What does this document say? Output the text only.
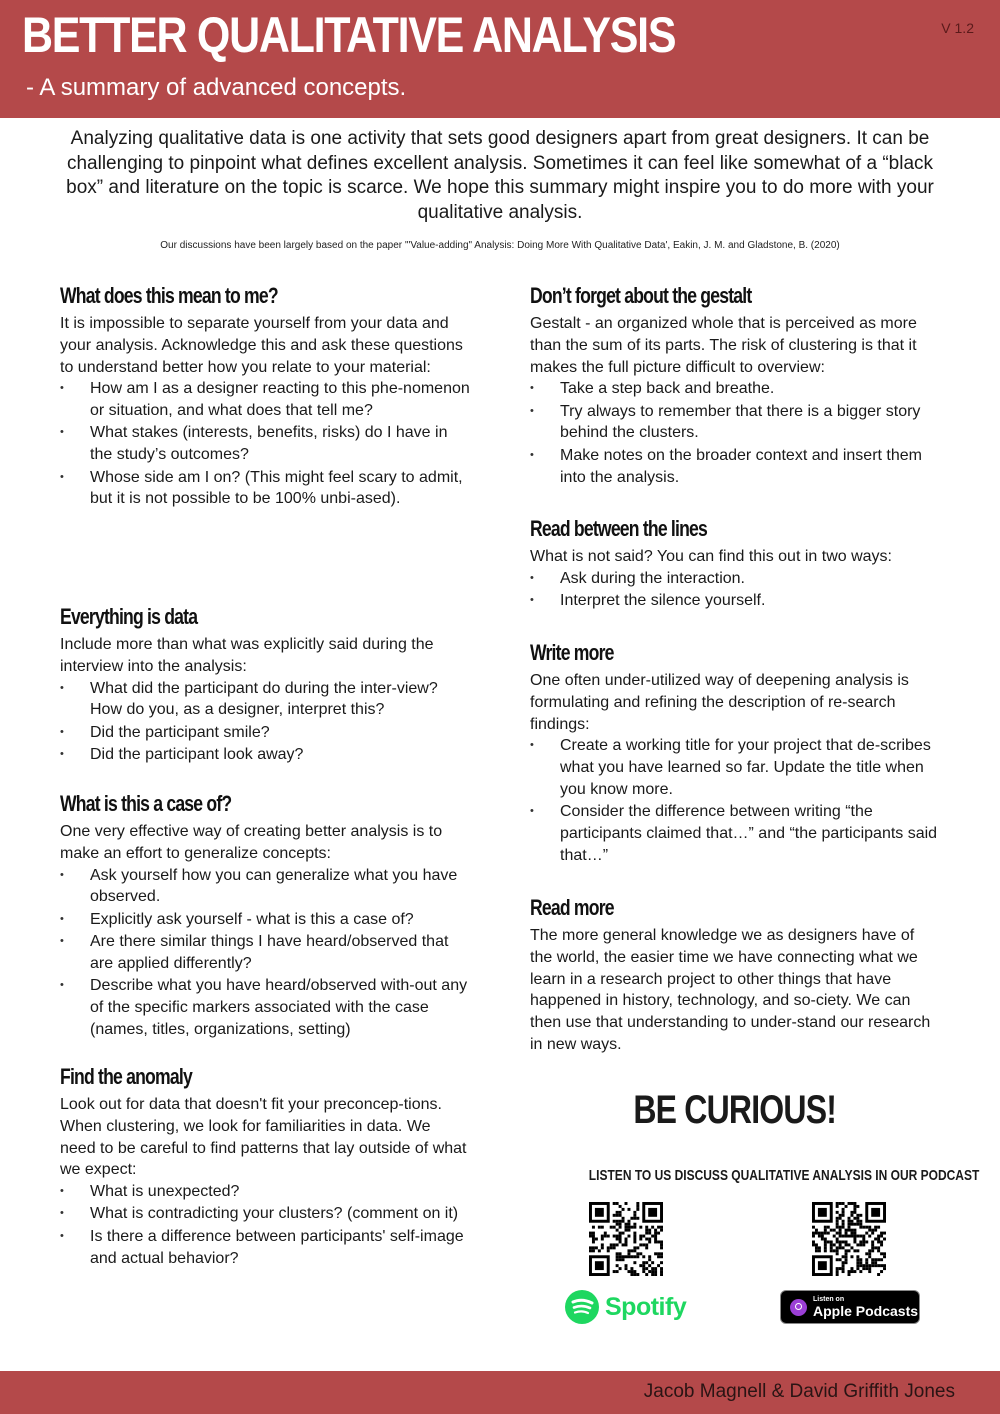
BETTER QUALITATIVE ANALYSIS
- A summary of advanced concepts.
V 1.2

Analyzing qualitative data is one activity that sets good designers apart from great designers. It can be challenging to pinpoint what defines excellent analysis. Sometimes it can feel like somewhat of a “black box” and literature on the topic is scarce. We hope this summary might inspire you to do more with your qualitative analysis.

Our discussions have been largely based on the paper '"Value-adding" Analysis: Doing More With Qualitative Data', Eakin, J. M. and Gladstone, B. (2020)
What does this mean to me?

It is impossible to separate yourself from your data and your analysis. Acknowledge this and ask these questions to understand better how you relate to your material:

• How am I as a designer reacting to this phe-nomenon or situation, and what does that tell me?
• What stakes (interests, benefits, risks) do I have in the study’s outcomes?
• Whose side am I on? (This might feel scary to admit, but it is not possible to be 100% unbi-ased).
Everything is data

Include more than what was explicitly said during the interview into the analysis:

• What did the participant do during the inter-view? How do you, as a designer, interpret this?
• Did the participant smile?
• Did the participant look away?
What is this a case of?

One very effective way of creating better analysis is to make an effort to generalize concepts:

• Ask yourself how you can generalize what you have observed.
• Explicitly ask yourself - what is this a case of?
• Are there similar things I have heard/observed that are applied differently?
• Describe what you have heard/observed with-out any of the specific markers associated with the case (names, titles, organizations, setting)
Find the anomaly

Look out for data that doesn't fit your preconcep-tions. When clustering, we look for familiarities in data. We need to be careful to find patterns that lay outside of what we expect:

• What is unexpected?
• What is contradicting your clusters? (comment on it)
• Is there a difference between participants' self-image and actual behavior?
Don’t forget about the gestalt

Gestalt - an organized whole that is perceived as more than the sum of its parts. The risk of clustering is that it makes the full picture difficult to overview:

• Take a step back and breathe.
• Try always to remember that there is a bigger story behind the clusters.
• Make notes on the broader context and insert them into the analysis.
Read between the lines

What is not said? You can find this out in two ways:

• Ask during the interaction.
• Interpret the silence yourself.
Write more

One often under-utilized way of deepening analysis is formulating and refining the description of re-search findings:

• Create a working title for your project that de-scribes what you have learned so far. Update the title when you know more.
• Consider the difference between writing “the participants claimed that…” and “the participants said that…”
Read more

The more general knowledge we as designers have of the world, the easier time we have connecting what we learn in a research project to other things that have happened in history, technology, and so-ciety. We can then use that understanding to under-stand our research in new ways.

BE CURIOUS!
LISTEN TO US DISCUSS QUALITATIVE ANALYSIS IN OUR PODCAST
Spotify	Listen on
Apple Podcasts
Jacob Magnell & David Griffith Jones
